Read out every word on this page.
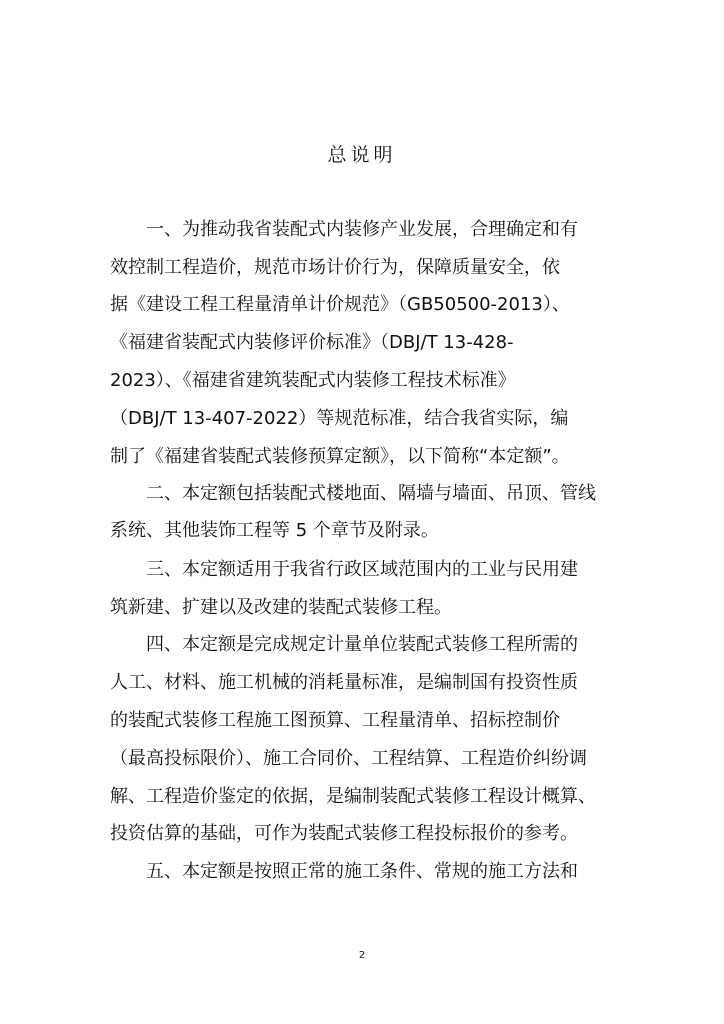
总说明
　　一、为推动我省装配式内装修产业发展，合理确定和有
效控制工程造价，规范市场计价行为，保障质量安全，依
据《建设工程工程量清单计价规范》（GB50500-2013）、
《福建省装配式内装修评价标准》（DBJ/T 13-428-
2023）、《福建省建筑装配式内装修工程技术标准》
（DBJ/T 13-407-2022）等规范标准，结合我省实际，编
制了《福建省装配式装修预算定额》，以下简称“本定额”。
　　二、本定额包括装配式楼地面、隔墙与墙面、吊顶、管线
系统、其他装饰工程等 5 个章节及附录。
　　三、本定额适用于我省行政区域范围内的工业与民用建
筑新建、扩建以及改建的装配式装修工程。
　　四、本定额是完成规定计量单位装配式装修工程所需的
人工、材料、施工机械的消耗量标准，是编制国有投资性质
的装配式装修工程施工图预算、工程量清单、招标控制价
（最高投标限价）、施工合同价、工程结算、工程造价纠纷调
解、工程造价鉴定的依据，是编制装配式装修工程设计概算、
投资估算的基础，可作为装配式装修工程投标报价的参考。
　　五、本定额是按照正常的施工条件、常规的施工方法和
2
